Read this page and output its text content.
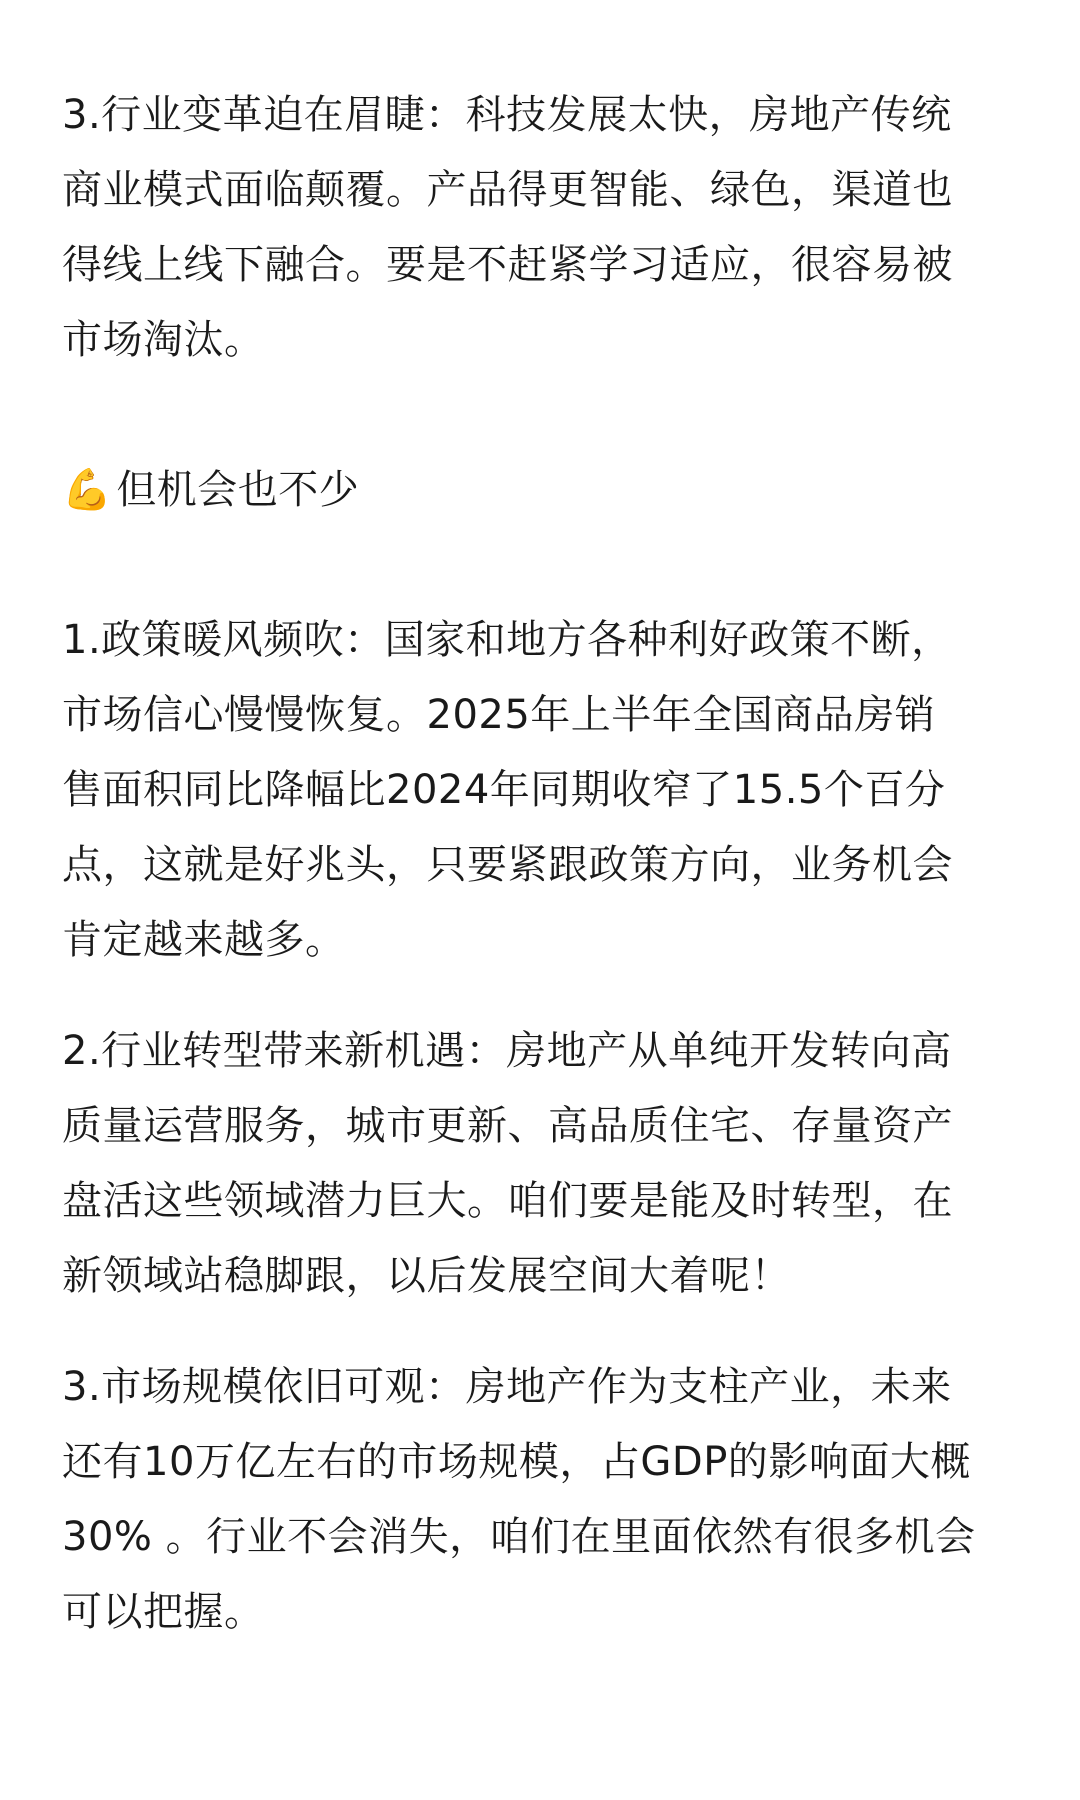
3.行业变革迫在眉睫：科技发展太快，房地产传统
商业模式面临颠覆。产品得更智能、绿色，渠道也
得线上线下融合。要是不赶紧学习适应，很容易被
市场淘汰。

💪 但机会也不少

1.政策暖风频吹：国家和地方各种利好政策不断，
市场信心慢慢恢复。2025年上半年全国商品房销
售面积同比降幅比2024年同期收窄了15.5个百分
点，这就是好兆头，只要紧跟政策方向，业务机会
肯定越来越多。

2.行业转型带来新机遇：房地产从单纯开发转向高
质量运营服务，城市更新、高品质住宅、存量资产
盘活这些领域潜力巨大。咱们要是能及时转型，在
新领域站稳脚跟，以后发展空间大着呢！

3.市场规模依旧可观：房地产作为支柱产业，未来
还有10万亿左右的市场规模，占GDP的影响面大概
30% 。行业不会消失，咱们在里面依然有很多机会
可以把握。
